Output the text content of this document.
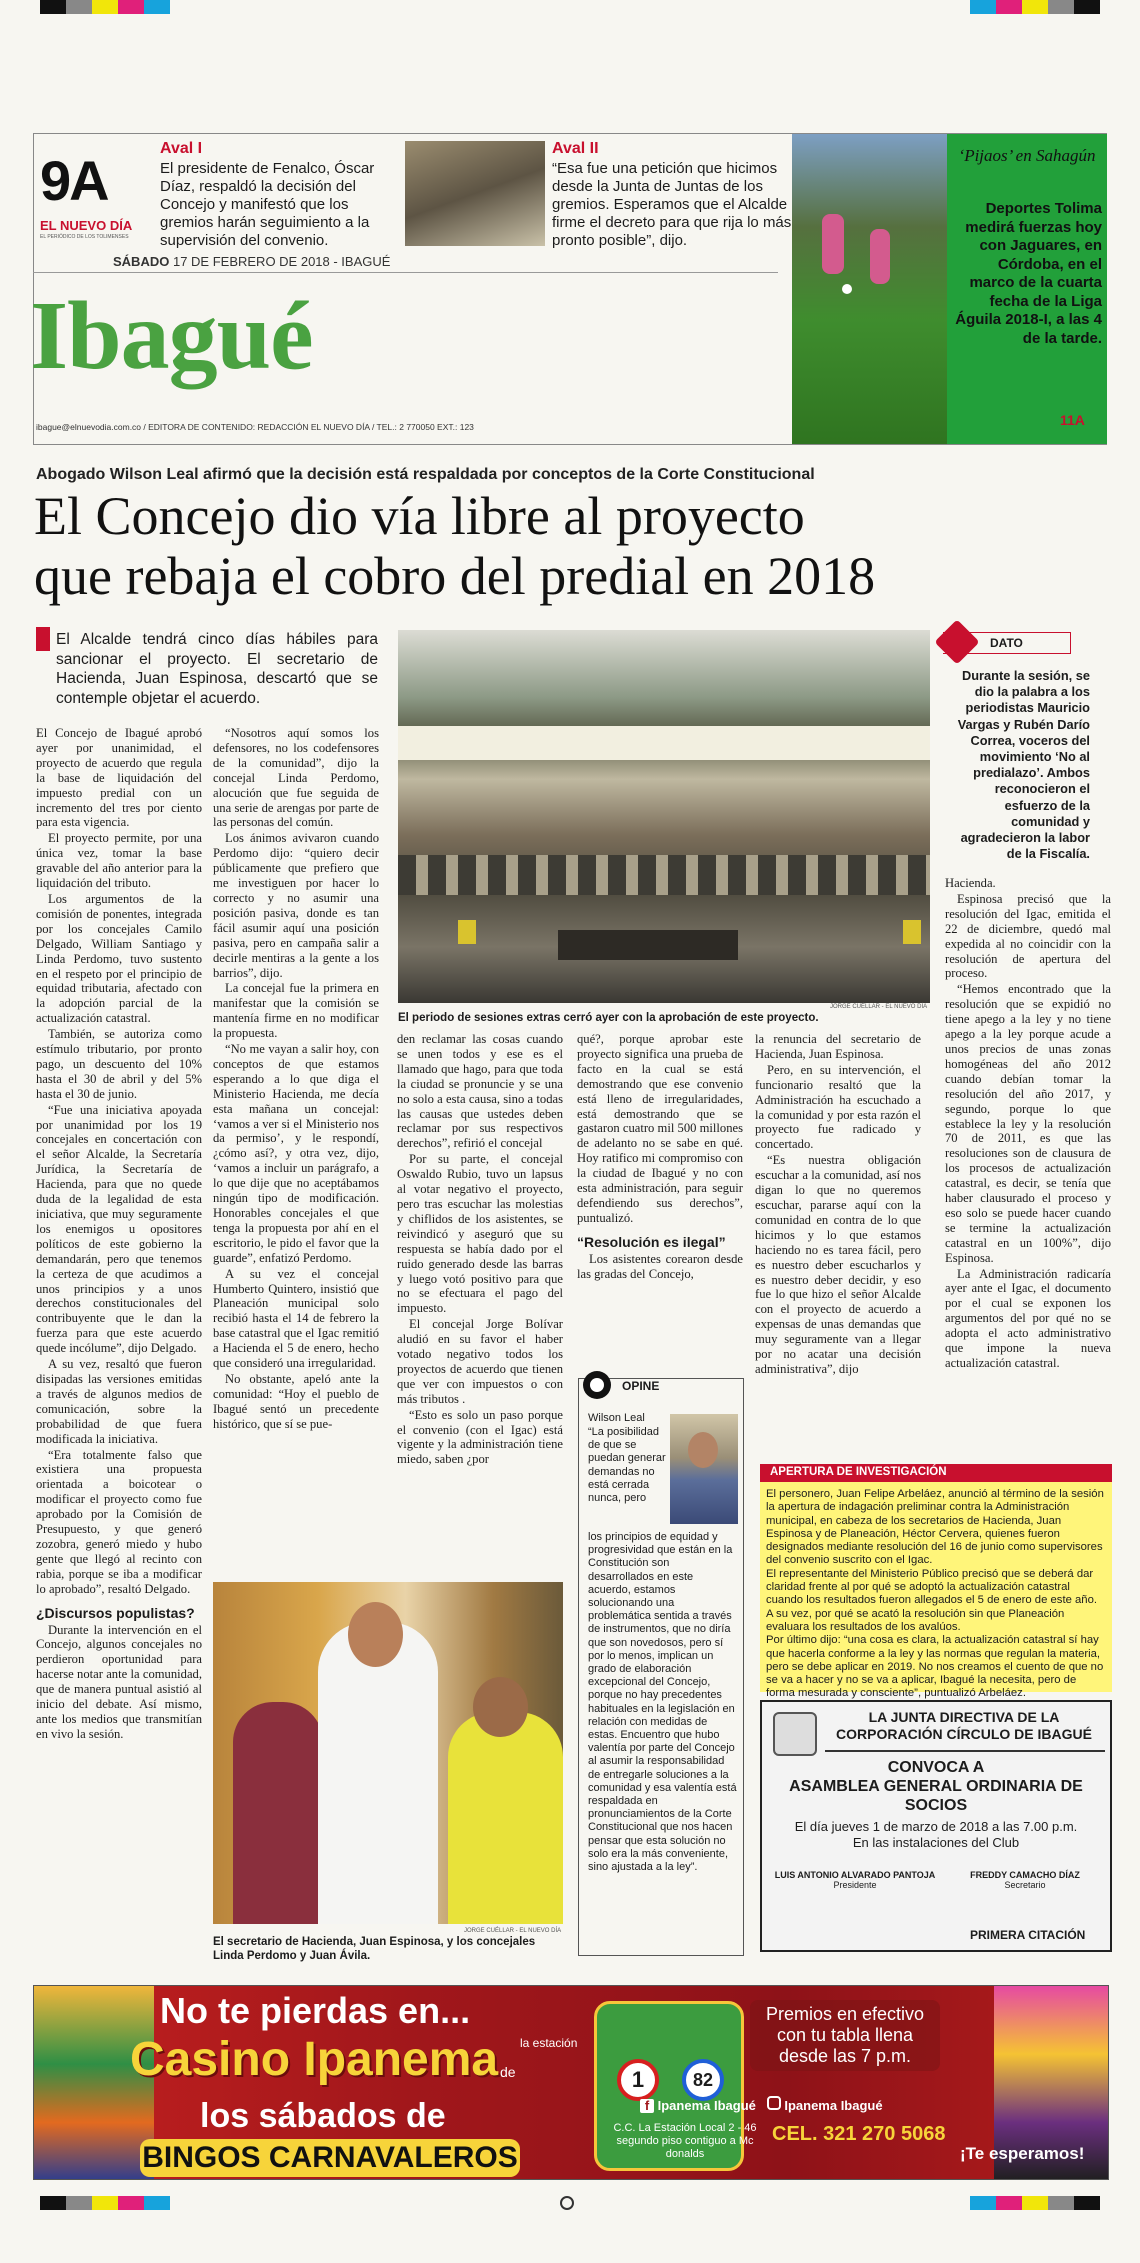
9A
EL NUEVO DÍA
EL PERIÓDICO DE LOS TOLIMENSES
Aval I
El presidente de Fenalco, Óscar Díaz, respaldó la decisión del Concejo y manifestó que los gremios harán seguimiento a la supervisión del convenio.
Aval II
“Esa fue una petición que hicimos desde la Junta de Juntas de los gremios. Esperamos que el Alcalde firme el decreto para que rija lo más pronto posible”, dijo.
‘Pijaos’ en Sahagún
Deportes Tolima medirá fuerzas hoy con Jaguares, en Córdoba, en el marco de la cuarta fecha de la Liga Águila 2018-I, a las 4 de la tarde.
11A
SÁBADO 17 DE FEBRERO DE 2018 - IBAGUÉ
Ibagué
ibague@elnuevodia.com.co / EDITORA DE CONTENIDO: REDACCIÓN EL NUEVO DÍA / TEL.: 2 770050 EXT.: 123
Abogado Wilson Leal afirmó que la decisión está respaldada por conceptos de la Corte Constitucional
El Concejo dio vía libre al proyecto
que rebaja el cobro del predial en 2018
El Alcalde tendrá cinco días hábiles para sancionar el proyecto. El secretario de Hacienda, Juan Espinosa, descartó que se contemple objetar el acuerdo.

El Concejo de Ibagué aprobó ayer por unanimidad, el proyecto de acuerdo que regula la base de liquidación del impuesto predial con un incremento del tres por ciento para esta vigencia.

El proyecto permite, por una única vez, tomar la base gravable del año anterior para la liquidación del tributo.

Los argumentos de la comisión de ponentes, integrada por los concejales Camilo Delgado, William Santiago y Linda Perdomo, tuvo sustento en el respeto por el principio de equidad tributaria, afectado con la adopción parcial de la actualización catastral.

También, se autoriza como estímulo tributario, por pronto pago, un descuento del 10% hasta el 30 de abril y del 5% hasta el 30 de junio.

“Fue una iniciativa apoyada por unanimidad por los 19 concejales en concertación con el señor Alcalde, la Secretaría Jurídica, la Secretaría de Hacienda, para que no quede duda de la legalidad de esta iniciativa, que muy seguramente los enemigos u opositores políticos de este gobierno la demandarán, pero que tenemos la certeza de que acudimos a unos principios y a unos derechos constitucionales del contribuyente que le dan la fuerza para que este acuerdo quede incólume”, dijo Delgado.

A su vez, resaltó que fueron disipadas las versiones emitidas a través de algunos medios de comunicación, sobre la probabilidad de que fuera modificada la iniciativa.

“Era totalmente falso que existiera una propuesta orientada a boicotear o modificar el proyecto como fue aprobado por la Comisión de Presupuesto, y que generó zozobra, generó miedo y hubo gente que llegó al recinto con rabia, porque se iba a modificar lo aprobado”, resaltó Delgado.

¿Discursos populistas?

Durante la intervención en el Concejo, algunos concejales no perdieron oportunidad para hacerse notar ante la comunidad, que de manera puntual asistió al inicio del debate. Así mismo, ante los medios que transmitían en vivo la sesión.

“Nosotros aquí somos los defensores, no los codefensores de la comunidad”, dijo la concejal Linda Perdomo, alocución que fue seguida de una serie de arengas por parte de las personas del común.

Los ánimos avivaron cuando Perdomo dijo: “quiero decir públicamente que prefiero que me investiguen por hacer lo correcto y no asumir una posición pasiva, donde es tan fácil asumir aquí una posición pasiva, pero en campaña salir a decirle mentiras a la gente a los barrios”, dijo.

La concejal fue la primera en manifestar que la comisión se mantenía firme en no modificar la propuesta.

“No me vayan a salir hoy, con conceptos de que estamos esperando a lo que diga el Ministerio Hacienda, me decía esta mañana un concejal: ‘vamos a ver si el Ministerio nos da permiso’, y le respondí, ¿cómo así?, y otra vez, dijo, ‘vamos a incluir un parágrafo, a lo que dije que no aceptábamos ningún tipo de modificación. Honorables concejales el que tenga la propuesta por ahí en el escritorio, le pido el favor que la guarde”, enfatizó Perdomo.

A su vez el concejal Humberto Quintero, insistió que Planeación municipal solo recibió hasta el 14 de febrero la base catastral que el Igac remitió a Hacienda el 5 de enero, hecho que consideró una irregularidad.

No obstante, apeló ante la comunidad: “Hoy el pueblo de Ibagué sentó un precedente histórico, que sí se pue-

JORGE CUÉLLAR - EL NUEVO DÍA
El periodo de sesiones extras cerró ayer con la aprobación de este proyecto.
DATO
Durante la sesión, se dio la palabra a los periodistas Mauricio Vargas y Rubén Darío Correa, voceros del movimiento ‘No al predialazo’. Ambos reconocieron el esfuerzo de la comunidad y agradecieron la labor de la Fiscalía.

den reclamar las cosas cuando se unen todos y ese es el llamado que hago, para que toda la ciudad se pronuncie y se una no solo a esta causa, sino a todas las causas que ustedes deben reclamar por sus respectivos derechos”, refirió el concejal

Por su parte, el concejal Oswaldo Rubio, tuvo un lapsus al votar negativo el proyecto, pero tras escuchar las molestias y chiflidos de los asistentes, se reivindicó y aseguró que su respuesta se había dado por el ruido generado desde las barras y luego votó positivo para que no se efectuara el pago del impuesto.

El concejal Jorge Bolívar aludió en su favor el haber votado negativo todos los proyectos de acuerdo que tienen que ver con impuestos o con más tributos .

“Esto es solo un paso porque el convenio (con el Igac) está vigente y la administración tiene miedo, saben ¿por

qué?, porque aprobar este proyecto significa una prueba de facto en la cual se está demostrando que ese convenio está lleno de irregularidades, está demostrando que se gastaron cuatro mil 500 millones de adelanto no se sabe en qué. Hoy ratifico mi compromiso con la ciudad de Ibagué y no con esta administración, para seguir defendiendo sus derechos”, puntualizó.

“Resolución es ilegal”

Los asistentes corearon desde las gradas del Concejo,

la renuncia del secretario de Hacienda, Juan Espinosa.

Pero, en su intervención, el funcionario resaltó que la Administración ha escuchado a la comunidad y por esta razón el proyecto fue radicado y concertado.

“Es nuestra obligación escuchar a la comunidad, así nos digan lo que no queremos escuchar, pararse aquí con la comunidad en contra de lo que hicimos y lo que estamos haciendo no es tarea fácil, pero es nuestro deber escucharlos y es nuestro deber decidir, y eso fue lo que hizo el señor Alcalde con el proyecto de acuerdo a expensas de unas demandas que muy seguramente van a llegar por no acatar una decisión administrativa”, dijo

Hacienda.

Espinosa precisó que la resolución del Igac, emitida el 22 de diciembre, quedó mal expedida al no coincidir con la resolución de apertura del proceso.

“Hemos encontrado que la resolución que se expidió no tiene apego a la ley y no tiene apego a la ley porque acude a unos precios de unas zonas homogéneas del año 2012 cuando debían tomar la resolución del año 2017, y segundo, porque lo que establece la ley y la resolución 70 de 2011, es que las resoluciones son de clausura de los procesos de actualización catastral, es decir, se tenía que haber clausurado el proceso y eso solo se puede hacer cuando se termine la actualización catastral en un 100%”, dijo Espinosa.

La Administración radicaría ayer ante el Igac, el documento por el cual se exponen los argumentos del por qué no se adopta el acto administrativo que impone la nueva actualización catastral.

JORGE CUÉLLAR - EL NUEVO DÍA
El secretario de Hacienda, Juan Espinosa, y los concejales Linda Perdomo y Juan Ávila.
OPINE
Wilson Leal
“La posibilidad de que se puedan generar demandas no está cerrada nunca, pero
los principios de equidad y progresividad que están en la Constitución son desarrollados en este acuerdo, estamos solucionando una problemática sentida a través de instrumentos, que no diría que son novedosos, pero sí por lo menos, implican un grado de elaboración excepcional del Concejo, porque no hay precedentes habituales en la legislación en relación con medidas de estas. Encuentro que hubo valentía por parte del Concejo al asumir la responsabilidad de entregarle soluciones a la comunidad y esa valentía está respaldada en pronunciamientos de la Corte Constitucional que nos hacen pensar que esta solución no solo era la más conveniente, sino ajustada a la ley”.
APERTURA DE INVESTIGACIÓN

El personero, Juan Felipe Arbeláez, anunció al término de la sesión la apertura de indagación preliminar contra la Administración municipal, en cabeza de los secretarios de Hacienda, Juan Espinosa y de Planeación, Héctor Cervera, quienes fueron designados mediante resolución del 16 de junio como supervisores del convenio suscrito con el Igac.

El representante del Ministerio Público precisó que se deberá dar claridad frente al por qué se adoptó la actualización catastral cuando los resultados fueron allegados el 5 de enero de este año. A su vez, por qué se acató la resolución sin que Planeación evaluara los resultados de los avalúos.

Por último dijo: “una cosa es clara, la actualización catastral sí hay que hacerla conforme a la ley y las normas que regulan la materia, pero se debe aplicar en 2019. No nos creamos el cuento de que no se va a hacer y no se va a aplicar, Ibagué la necesita, pero de forma mesurada y consciente”, puntualizó Arbeláez.

LA JUNTA DIRECTIVA DE LA
CORPORACIÓN CÍRCULO DE IBAGUÉ
CONVOCA A
ASAMBLEA GENERAL ORDINARIA DE
SOCIOS
El día jueves 1 de marzo de 2018 a las 7.00 p.m.
En las instalaciones del Club
LUIS ANTONIO ALVARADO PANTOJA
Presidente
FREDDY CAMACHO DÍAZ
Secretario
PRIMERA CITACIÓN
1	82
No te pierdas en...
Casino Ipanema de
la estación
los sábados de
BINGOS CARNAVALEROS
Premios en efectivo con tu tabla llena desde las 7 p.m.
f Ipanema Ibagué Ipanema Ibagué
C.C. La Estación Local 2 - 46
segundo piso contiguo a Mc donalds
CEL. 321 270 5068
¡Te esperamos!
